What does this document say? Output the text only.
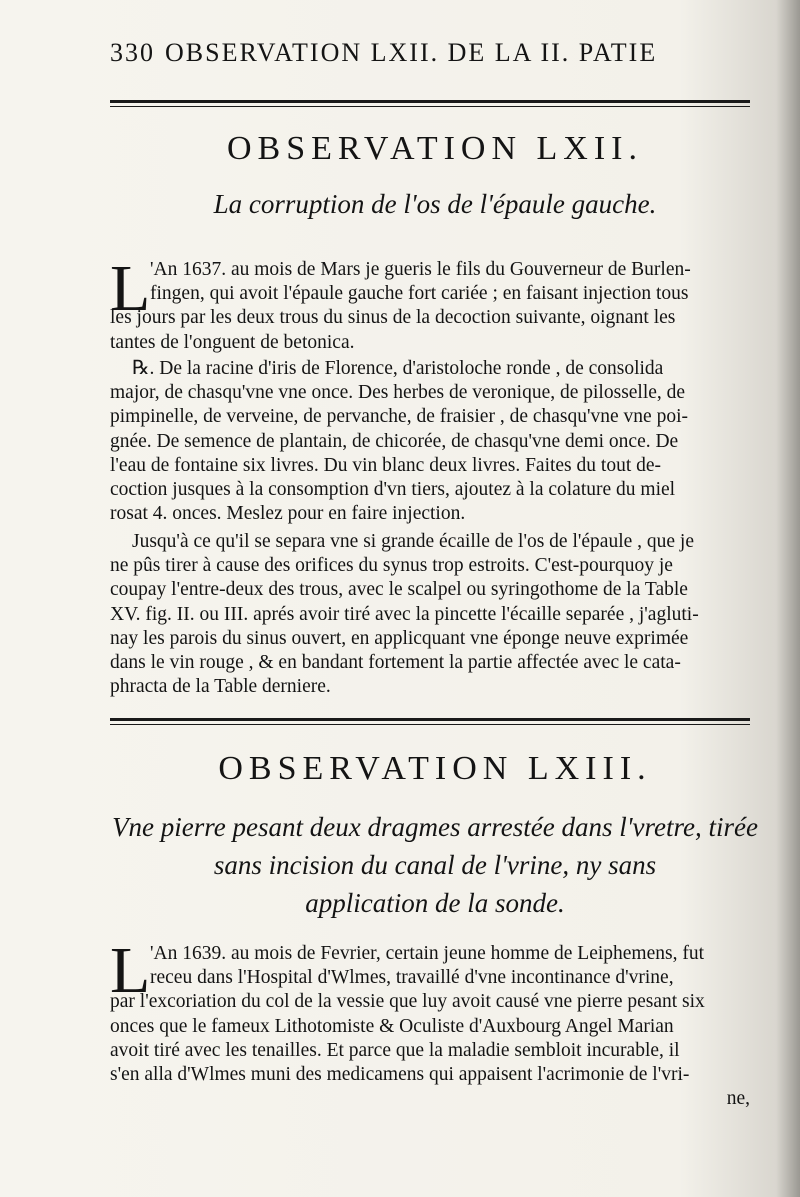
330 OBSERVATION LXII. DE LA II. PATIE
OBSERVATION LXII.
La corruption de l'os de l'épaule gauche.
L 'An 1637. au mois de Mars je gueris le fils du Gouverneur de Burlen-
fingen, qui avoit l'épaule gauche fort cariée ; en faisant injection tous
les jours par les deux trous du sinus de la decoction suivante, oignant les
tantes de l'onguent de betonica.
℞. De la racine d'iris de Florence, d'aristoloche ronde , de consolida
major, de chasqu'vne vne once. Des herbes de veronique, de pilosselle, de
pimpinelle, de verveine, de pervanche, de fraisier , de chasqu'vne vne poi-
gnée. De semence de plantain, de chicorée, de chasqu'vne demi once. De
l'eau de fontaine six livres. Du vin blanc deux livres. Faites du tout de-
coction jusques à la consomption d'vn tiers, ajoutez à la colature du miel
rosat 4. onces. Meslez pour en faire injection.
Jusqu'à ce qu'il se separa vne si grande écaille de l'os de l'épaule , que je
ne pûs tirer à cause des orifices du synus trop estroits. C'est-pourquoy je
coupay l'entre-deux des trous, avec le scalpel ou syringothome de la Table
XV. fig. II. ou III. aprés avoir tiré avec la pincette l'écaille separée , j'agluti-
nay les parois du sinus ouvert, en applicquant vne éponge neuve exprimée
dans le vin rouge , & en bandant fortement la partie affectée avec le cata-
phracta de la Table derniere.
OBSERVATION LXIII.
Vne pierre pesant deux dragmes arrestée dans l'vretre, tirée
sans incision du canal de l'vrine, ny sans
application de la sonde.
L 'An 1639. au mois de Fevrier, certain jeune homme de Leiphemens, fut
receu dans l'Hospital d'Wlmes, travaillé d'vne incontinance d'vrine,
par l'excoriation du col de la vessie que luy avoit causé vne pierre pesant six
onces que le fameux Lithotomiste & Oculiste d'Auxbourg Angel Marian
avoit tiré avec les tenailles. Et parce que la maladie sembloit incurable, il
s'en alla d'Wlmes muni des medicamens qui appaisent l'acrimonie de l'vri-
ne,
